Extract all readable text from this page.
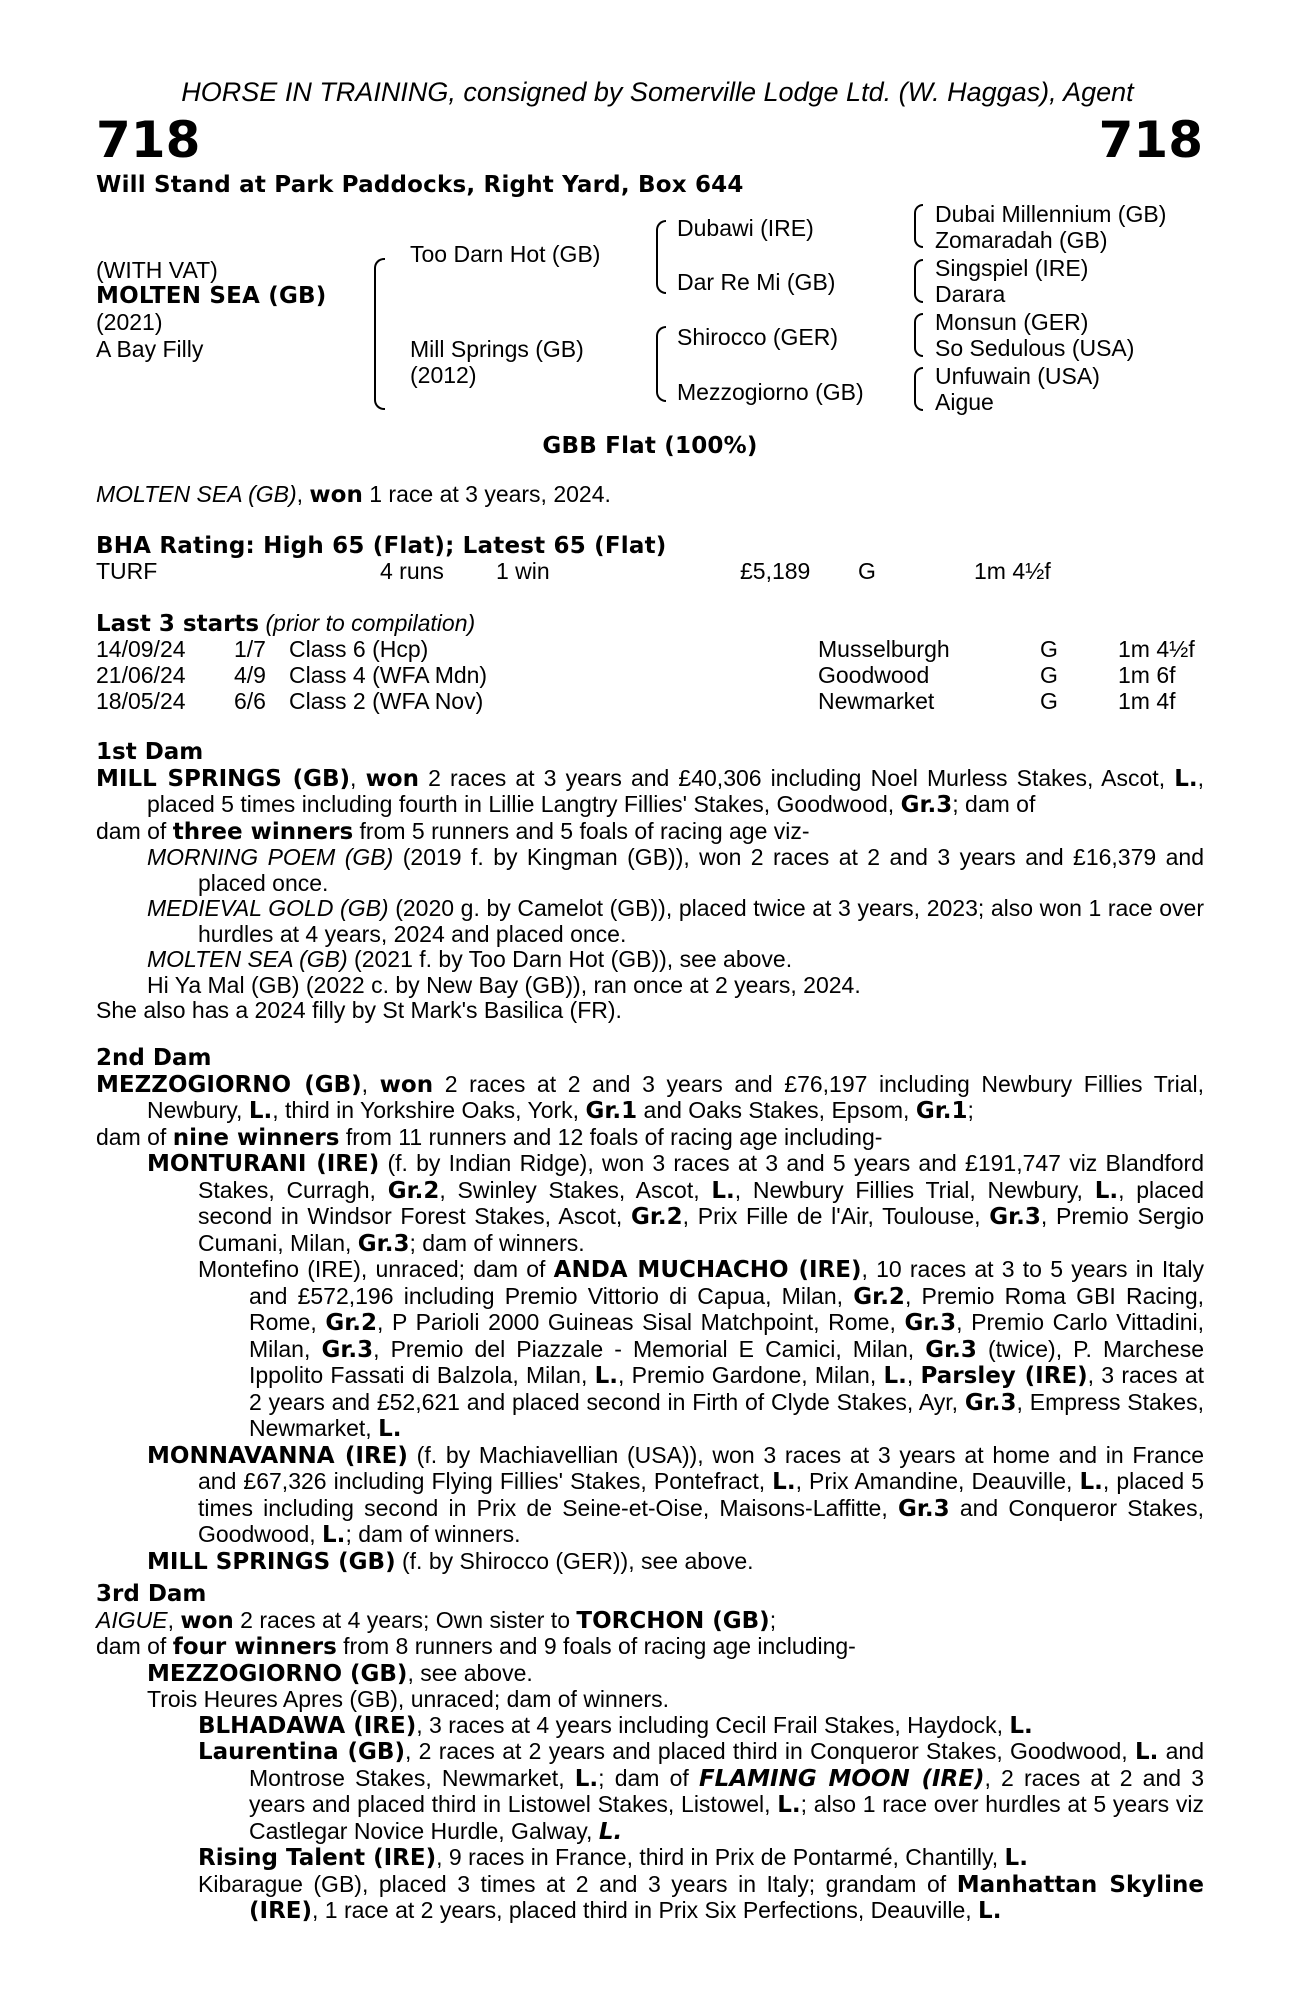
HORSE IN TRAINING, consigned by Somerville Lodge Ltd. (W. Haggas), Agent
718	718
Will Stand at Park Paddocks, Right Yard, Box 644
(WITH VAT)
MOLTEN SEA (GB)
(2021)
A Bay Filly
Too Darn Hot (GB)
Mill Springs (GB)
(2012)
Dubawi (IRE)
Dar Re Mi (GB)
Shirocco (GER)
Mezzogiorno (GB)
Dubai Millennium (GB)
Zomaradah (GB)
Singspiel (IRE)
Darara
Monsun (GER)
So Sedulous (USA)
Unfuwain (USA)
Aigue
GBB Flat (100%)
MOLTEN SEA (GB), won 1 race at 3 years, 2024.
BHA Rating: High 65 (Flat); Latest 65 (Flat)
TURF	4 runs 1 win	£5,189 G	1m 4½f
Last 3 starts (prior to compilation)
14/09/24 1/7 Class 6 (Hcp)	Musselburgh	G	1m 4½f
21/06/24 4/9 Class 4 (WFA Mdn)	Goodwood	G	1m 6f
18/05/24 6/6 Class 2 (WFA Nov)	Newmarket	G	1m 4f

1st Dam

MILL SPRINGS (GB), won 2 races at 3 years and £40,306 including Noel Murless Stakes, Ascot, L., placed 5 times including fourth in Lillie Langtry Fillies' Stakes, Goodwood, Gr.3; dam of

dam of three winners from 5 runners and 5 foals of racing age viz-

MORNING POEM (GB) (2019 f. by Kingman (GB)), won 2 races at 2 and 3 years and £16,379 and placed once.

MEDIEVAL GOLD (GB) (2020 g. by Camelot (GB)), placed twice at 3 years, 2023; also won 1 race over hurdles at 4 years, 2024 and placed once.

MOLTEN SEA (GB) (2021 f. by Too Darn Hot (GB)), see above.

Hi Ya Mal (GB) (2022 c. by New Bay (GB)), ran once at 2 years, 2024.

She also has a 2024 filly by St Mark's Basilica (FR).

2nd Dam

MEZZOGIORNO (GB), won 2 races at 2 and 3 years and £76,197 including Newbury Fillies Trial, Newbury, L., third in Yorkshire Oaks, York, Gr.1 and Oaks Stakes, Epsom, Gr.1;

dam of nine winners from 11 runners and 12 foals of racing age including-

MONTURANI (IRE) (f. by Indian Ridge), won 3 races at 3 and 5 years and £191,747 viz Blandford Stakes, Curragh, Gr.2, Swinley Stakes, Ascot, L., Newbury Fillies Trial, Newbury, L., placed second in Windsor Forest Stakes, Ascot, Gr.2, Prix Fille de l'Air, Toulouse, Gr.3, Premio Sergio Cumani, Milan, Gr.3; dam of winners.

Montefino (IRE), unraced; dam of ANDA MUCHACHO (IRE), 10 races at 3 to 5 years in Italy and £572,196 including Premio Vittorio di Capua, Milan, Gr.2, Premio Roma GBI Racing, Rome, Gr.2, P Parioli 2000 Guineas Sisal Matchpoint, Rome, Gr.3, Premio Carlo Vittadini, Milan, Gr.3, Premio del Piazzale - Memorial E Camici, Milan, Gr.3 (twice), P. Marchese Ippolito Fassati di Balzola, Milan, L., Premio Gardone, Milan, L., Parsley (IRE), 3 races at 2 years and £52,621 and placed second in Firth of Clyde Stakes, Ayr, Gr.3, Empress Stakes, Newmarket, L.

MONNAVANNA (IRE) (f. by Machiavellian (USA)), won 3 races at 3 years at home and in France and £67,326 including Flying Fillies' Stakes, Pontefract, L., Prix Amandine, Deauville, L., placed 5 times including second in Prix de Seine-et-Oise, Maisons-Laffitte, Gr.3 and Conqueror Stakes, Goodwood, L.; dam of winners.

MILL SPRINGS (GB) (f. by Shirocco (GER)), see above.

3rd Dam

AIGUE, won 2 races at 4 years; Own sister to TORCHON (GB);

dam of four winners from 8 runners and 9 foals of racing age including-

MEZZOGIORNO (GB), see above.

Trois Heures Apres (GB), unraced; dam of winners.

BLHADAWA (IRE), 3 races at 4 years including Cecil Frail Stakes, Haydock, L.

Laurentina (GB), 2 races at 2 years and placed third in Conqueror Stakes, Goodwood, L. and Montrose Stakes, Newmarket, L.; dam of FLAMING MOON (IRE), 2 races at 2 and 3 years and placed third in Listowel Stakes, Listowel, L.; also 1 race over hurdles at 5 years viz Castlegar Novice Hurdle, Galway, L.

Rising Talent (IRE), 9 races in France, third in Prix de Pontarmé, Chantilly, L.

Kibarague (GB), placed 3 times at 2 and 3 years in Italy; grandam of Manhattan Skyline (IRE), 1 race at 2 years, placed third in Prix Six Perfections, Deauville, L.
